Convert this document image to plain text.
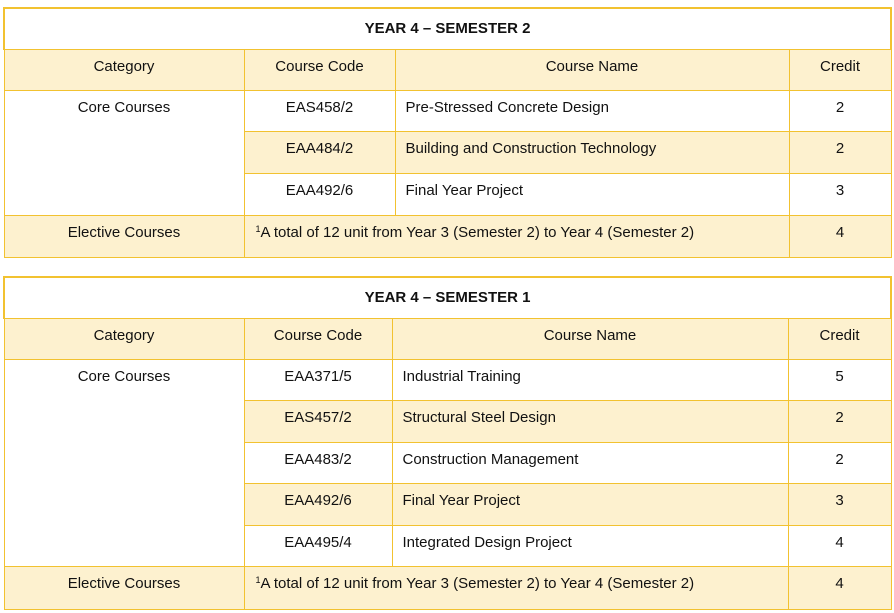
YEAR 4 – SEMESTER 2			
Category	Course Code	Course Name	Credit
Core Courses	EAS458/2	Pre-Stressed Concrete Design	2
	EAA484/2	Building and Construction Technology	2
	EAA492/6	Final Year Project	3
Elective Courses	$^1$A total of 12 unit from Year 3 (Semester 2) to Year 4 (Semester 2)		4
YEAR 4 – SEMESTER 1			
Category	Course Code	Course Name	Credit
Core Courses	EAA371/5	Industrial Training	5
	EAS457/2	Structural Steel Design	2
	EAA483/2	Construction Management	2
	EAA492/6	Final Year Project	3
	EAA495/4	Integrated Design Project	4
Elective Courses	$^1$A total of 12 unit from Year 3 (Semester 2) to Year 4 (Semester 2)		4
